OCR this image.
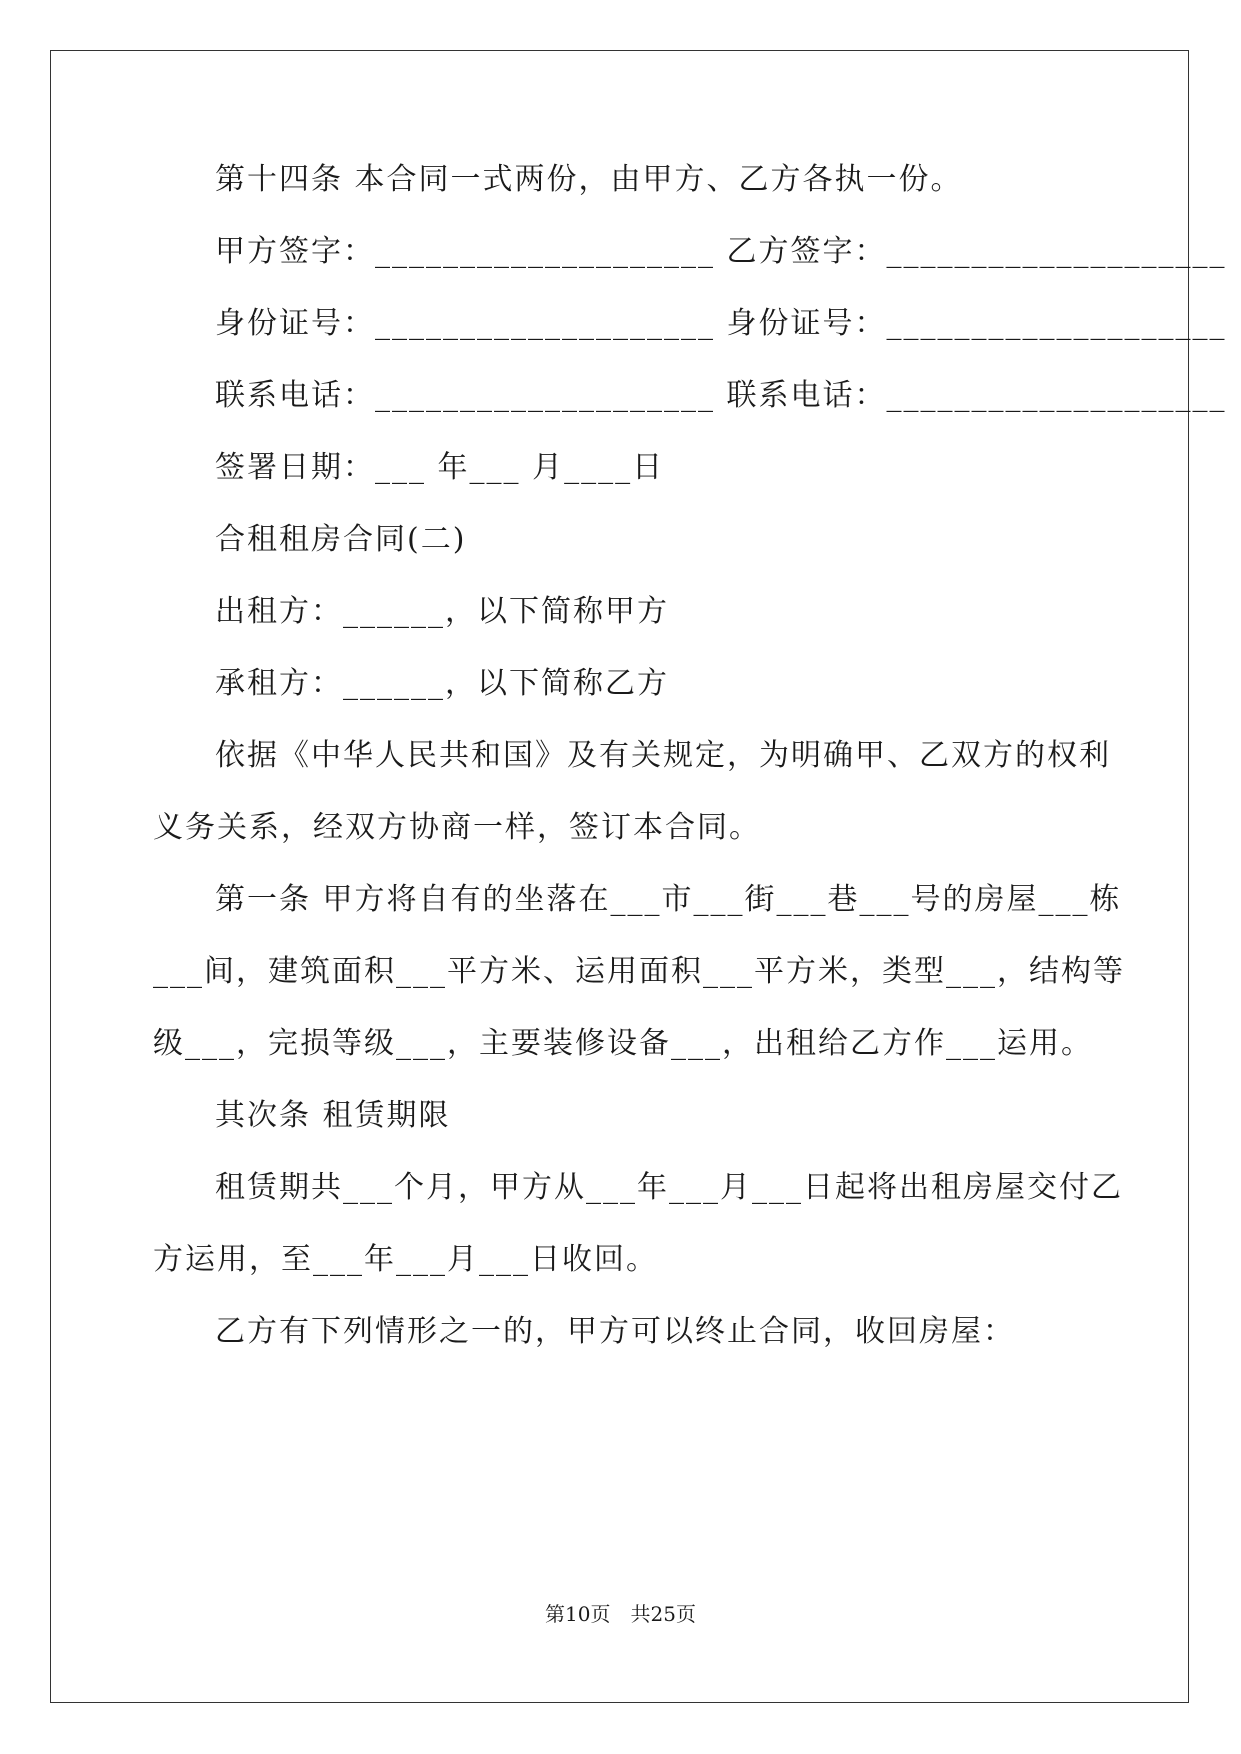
第十四条 本合同一式两份，由甲方、乙方各执一份。
甲方签字：____________________ 乙方签字：____________________
身份证号：____________________ 身份证号：____________________
联系电话：____________________ 联系电话：____________________
签署日期：___ 年___ 月____日
合租租房合同(二)
出租方：______，以下简称甲方
承租方：______，以下简称乙方
依据《中华人民共和国》及有关规定，为明确甲、乙双方的权利
义务关系，经双方协商一样，签订本合同。
第一条 甲方将自有的坐落在___市___街___巷___号的房屋___栋
___间，建筑面积___平方米、运用面积___平方米，类型___，结构等
级___，完损等级___，主要装修设备___，出租给乙方作___运用。
其次条 租赁期限
租赁期共___个月，甲方从___年___月___日起将出租房屋交付乙
方运用，至___年___月___日收回。
乙方有下列情形之一的，甲方可以终止合同，收回房屋：
第10页　共25页
